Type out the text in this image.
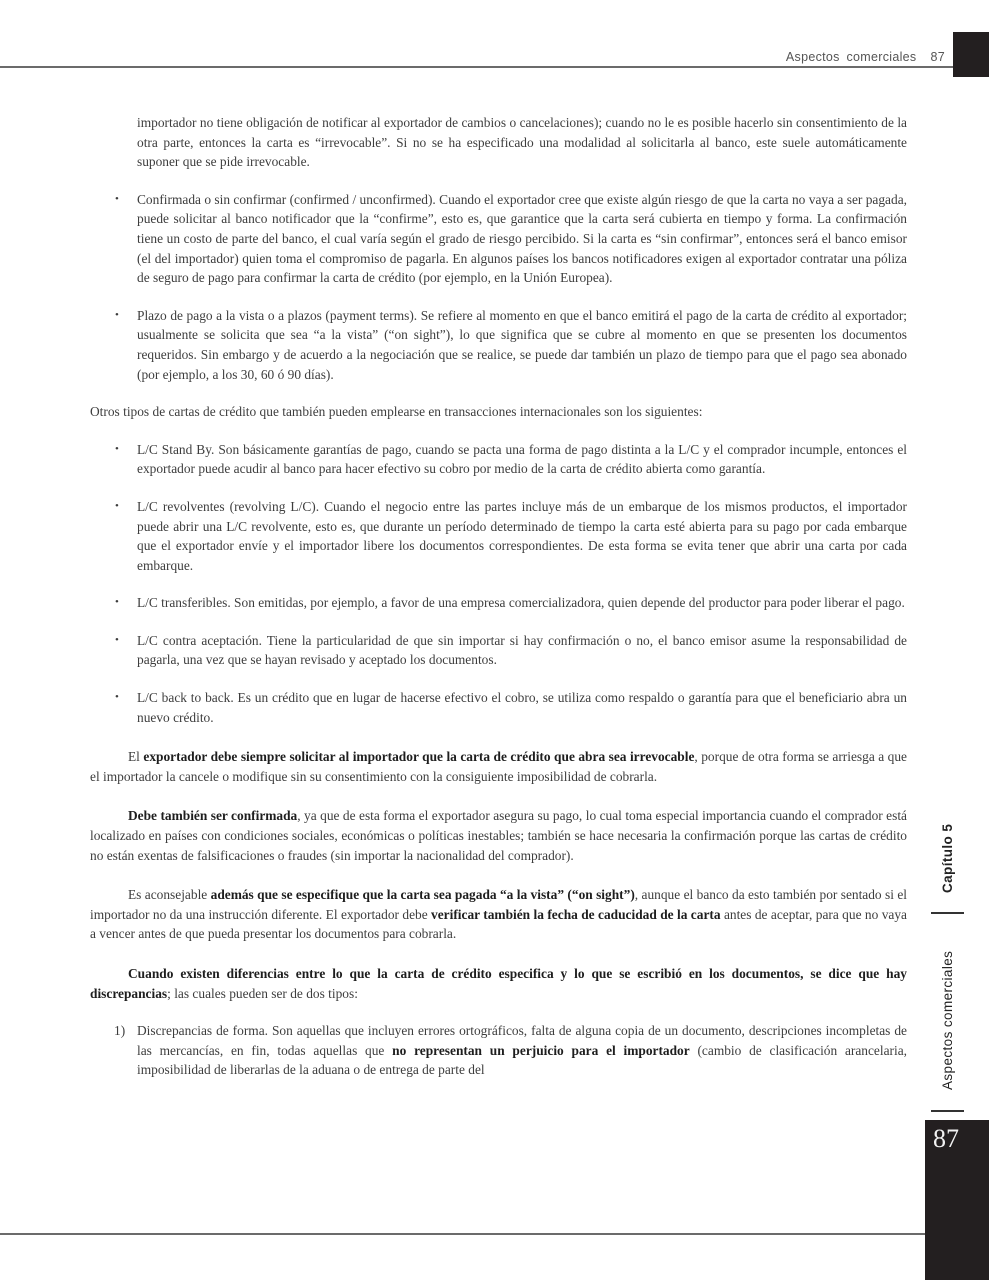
Aspectos comerciales 87

importador no tiene obligación de notificar al exportador de cambios o cancelaciones); cuando no le es posible hacerlo sin consentimiento de la otra parte, entonces la carta es “irrevocable”. Si no se ha especificado una modalidad al solicitarla al banco, este suele automáticamente suponer que se pide irrevocable.

• Confirmada o sin confirmar (confirmed / unconfirmed). Cuando el exportador cree que existe algún riesgo de que la carta no vaya a ser pagada, puede solicitar al banco notificador que la “confirme”, esto es, que garantice que la carta será cubierta en tiempo y forma. La confirmación tiene un costo de parte del banco, el cual varía según el grado de riesgo percibido. Si la carta es “sin confirmar”, entonces será el banco emisor (el del importador) quien toma el compromiso de pagarla. En algunos países los bancos notificadores exigen al exportador contratar una póliza de seguro de pago para confirmar la carta de crédito (por ejemplo, en la Unión Europea).

• Plazo de pago a la vista o a plazos (payment terms). Se refiere al momento en que el banco emitirá el pago de la carta de crédito al exportador; usualmente se solicita que sea “a la vista” (“on sight”), lo que significa que se cubre al momento en que se presenten los documentos requeridos. Sin embargo y de acuerdo a la negociación que se realice, se puede dar también un plazo de tiempo para que el pago sea abonado (por ejemplo, a los 30, 60 ó 90 días).

Otros tipos de cartas de crédito que también pueden emplearse en transacciones internacionales son los siguientes:

• L/C Stand By. Son básicamente garantías de pago, cuando se pacta una forma de pago distinta a la L/C y el comprador incumple, entonces el exportador puede acudir al banco para hacer efectivo su cobro por medio de la carta de crédito abierta como garantía.

• L/C revolventes (revolving L/C). Cuando el negocio entre las partes incluye más de un embarque de los mismos productos, el importador puede abrir una L/C revolvente, esto es, que durante un período determinado de tiempo la carta esté abierta para su pago por cada embarque que el exportador envíe y el importador libere los documentos correspondientes. De esta forma se evita tener que abrir una carta por cada embarque.

• L/C transferibles. Son emitidas, por ejemplo, a favor de una empresa comercializadora, quien depende del productor para poder liberar el pago.

• L/C contra aceptación. Tiene la particularidad de que sin importar si hay confirmación o no, el banco emisor asume la responsabilidad de pagarla, una vez que se hayan revisado y aceptado los documentos.

• L/C back to back. Es un crédito que en lugar de hacerse efectivo el cobro, se utiliza como respaldo o garantía para que el beneficiario abra un nuevo crédito.

El exportador debe siempre solicitar al importador que la carta de crédito que abra sea irrevocable, porque de otra forma se arriesga a que el importador la cancele o modifique sin su consentimiento con la consiguiente imposibilidad de cobrarla.

Debe también ser confirmada, ya que de esta forma el exportador asegura su pago, lo cual toma especial importancia cuando el comprador está localizado en países con condiciones sociales, económicas o políticas inestables; también se hace necesaria la confirmación porque las cartas de crédito no están exentas de falsificaciones o fraudes (sin importar la nacionalidad del comprador).

Es aconsejable además que se especifique que la carta sea pagada “a la vista” (“on sight”), aunque el banco da esto también por sentado si el importador no da una instrucción diferente. El exportador debe verificar también la fecha de caducidad de la carta antes de aceptar, para que no vaya a vencer antes de que pueda presentar los documentos para cobrarla.

Cuando existen diferencias entre lo que la carta de crédito especifica y lo que se escribió en los documentos, se dice que hay discrepancias; las cuales pueden ser de dos tipos:

1) Discrepancias de forma. Son aquellas que incluyen errores ortográficos, falta de alguna copia de un documento, descripciones incompletas de las mercancías, en fin, todas aquellas que no representan un perjuicio para el importador (cambio de clasificación arancelaria, imposibilidad de liberarlas de la aduana o de entrega de parte del

Capítulo 5
Aspectos comerciales
87
